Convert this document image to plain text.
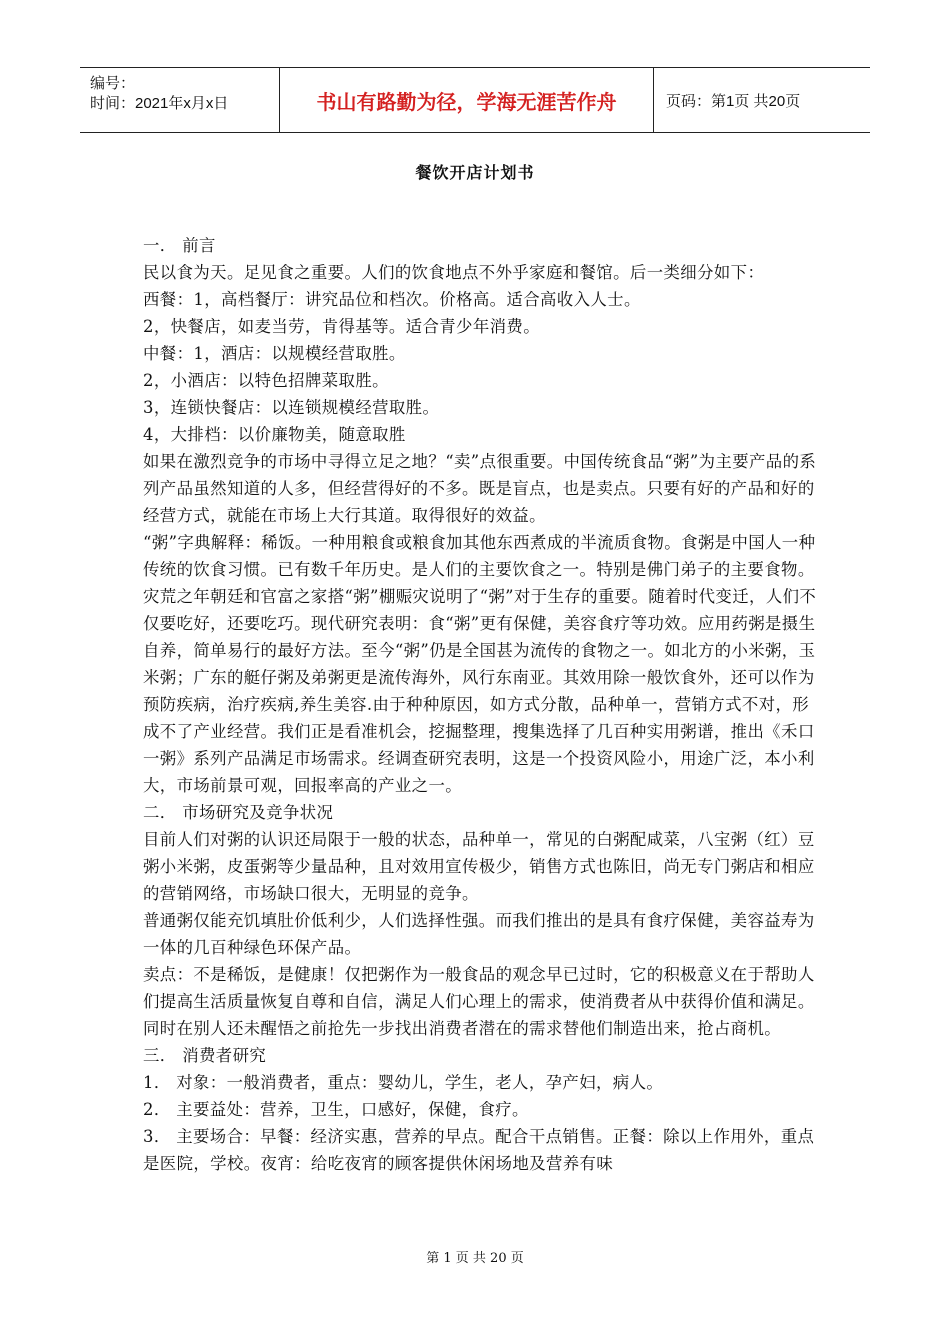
编号：
时间：2021年x月x日	书山有路勤为径，学海无涯苦作舟	页码：第1页 共20页
餐饮开店计划书

一． 前言

民以食为天。足见食之重要。人们的饮食地点不外乎家庭和餐馆。后一类细分如下：

西餐：1，高档餐厅：讲究品位和档次。价格高。适合高收入人士。

2，快餐店，如麦当劳，肯得基等。适合青少年消费。

中餐：1，酒店：以规模经营取胜。

2，小酒店：以特色招牌菜取胜。

3，连锁快餐店：以连锁规模经营取胜。

4，大排档：以价廉物美，随意取胜

如果在激烈竞争的市场中寻得立足之地？“卖”点很重要。中国传统食品“粥”为主要产品的系列产品虽然知道的人多，但经营得好的不多。既是盲点，也是卖点。只要有好的产品和好的经营方式，就能在市场上大行其道。取得很好的效益。

“粥”字典解释：稀饭。一种用粮食或粮食加其他东西煮成的半流质食物。食粥是中国人一种传统的饮食习惯。已有数千年历史。是人们的主要饮食之一。特别是佛门弟子的主要食物。灾荒之年朝廷和官富之家搭“粥”棚赈灾说明了“粥”对于生存的重要。随着时代变迁，人们不仅要吃好，还要吃巧。现代研究表明：食“粥”更有保健，美容食疗等功效。应用药粥是摄生自养，简单易行的最好方法。至今“粥”仍是全国甚为流传的食物之一。如北方的小米粥，玉米粥；广东的艇仔粥及弟粥更是流传海外，风行东南亚。其效用除一般饮食外，还可以作为预防疾病，治疗疾病,养生美容.由于种种原因，如方式分散，品种单一，营销方式不对，形成不了产业经营。我们正是看准机会，挖掘整理，搜集选择了几百种实用粥谱，推出《禾口一粥》系列产品满足市场需求。经调查研究表明，这是一个投资风险小，用途广泛，本小利大，市场前景可观，回报率高的产业之一。

二． 市场研究及竞争状况

目前人们对粥的认识还局限于一般的状态，品种单一，常见的白粥配咸菜，八宝粥（红）豆粥小米粥，皮蛋粥等少量品种，且对效用宣传极少，销售方式也陈旧，尚无专门粥店和相应的营销网络，市场缺口很大，无明显的竞争。

普通粥仅能充饥填肚价低利少，人们选择性强。而我们推出的是具有食疗保健，美容益寿为一体的几百种绿色环保产品。

卖点：不是稀饭，是健康！仅把粥作为一般食品的观念早已过时，它的积极意义在于帮助人们提高生活质量恢复自尊和自信，满足人们心理上的需求，使消费者从中获得价值和满足。同时在别人还未醒悟之前抢先一步找出消费者潜在的需求替他们制造出来，抢占商机。

三． 消费者研究

1． 对象：一般消费者，重点：婴幼儿，学生，老人，孕产妇，病人。

2． 主要益处：营养，卫生，口感好，保健，食疗。

3． 主要场合：早餐：经济实惠，营养的早点。配合干点销售。正餐：除以上作用外，重点是医院，学校。夜宵：给吃夜宵的顾客提供休闲场地及营养有味

第 1 页 共 20 页
